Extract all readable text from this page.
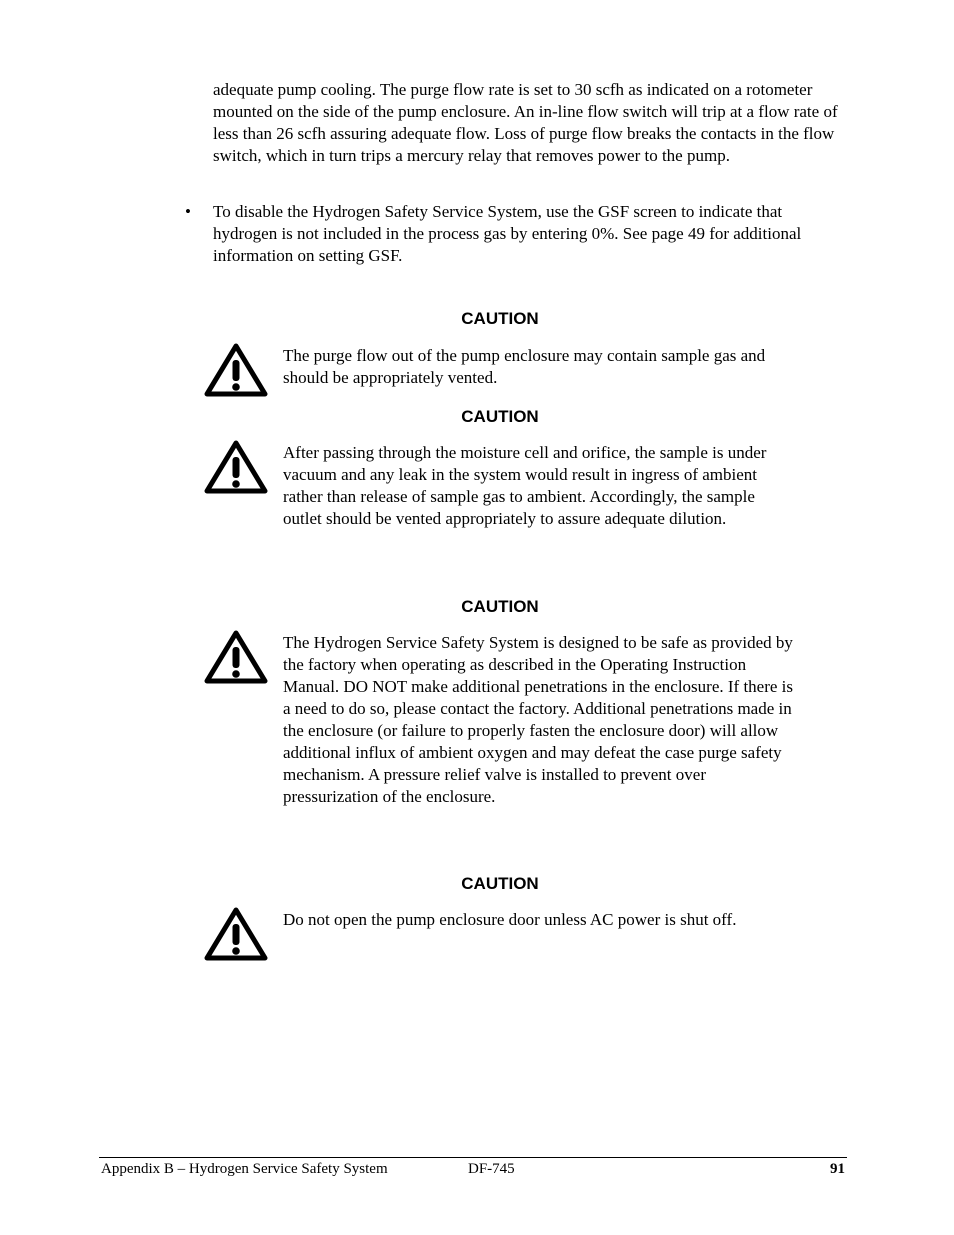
adequate pump cooling. The purge flow rate is set to 30 scfh as indicated on a rotometer mounted on the side of the pump enclosure. An in-line flow switch will trip at a flow rate of less than 26 scfh assuring adequate flow. Loss of purge flow breaks the contacts in the flow switch, which in turn trips a mercury relay that removes power to the pump.

• To disable the Hydrogen Safety Service System, use the GSF screen to indicate that hydrogen is not included in the process gas by entering 0%. See page 49 for additional information on setting GSF.

CAUTION

The purge flow out of the pump enclosure may contain sample gas and should be appropriately vented.

CAUTION

After passing through the moisture cell and orifice, the sample is under vacuum and any leak in the system would result in ingress of ambient rather than release of sample gas to ambient. Accordingly, the sample outlet should be vented appropriately to assure adequate dilution.

CAUTION

The Hydrogen Service Safety System is designed to be safe as provided by the factory when operating as described in the Operating Instruction Manual. DO NOT make additional penetrations in the enclosure. If there is a need to do so, please contact the factory. Additional penetrations made in the enclosure (or failure to properly fasten the enclosure door) will allow additional influx of ambient oxygen and may defeat the case purge safety mechanism. A pressure relief valve is installed to prevent over pressurization of the enclosure.

CAUTION

Do not open the pump enclosure door unless AC power is shut off.

Appendix B – Hydrogen Service Safety System	DF-745	91
